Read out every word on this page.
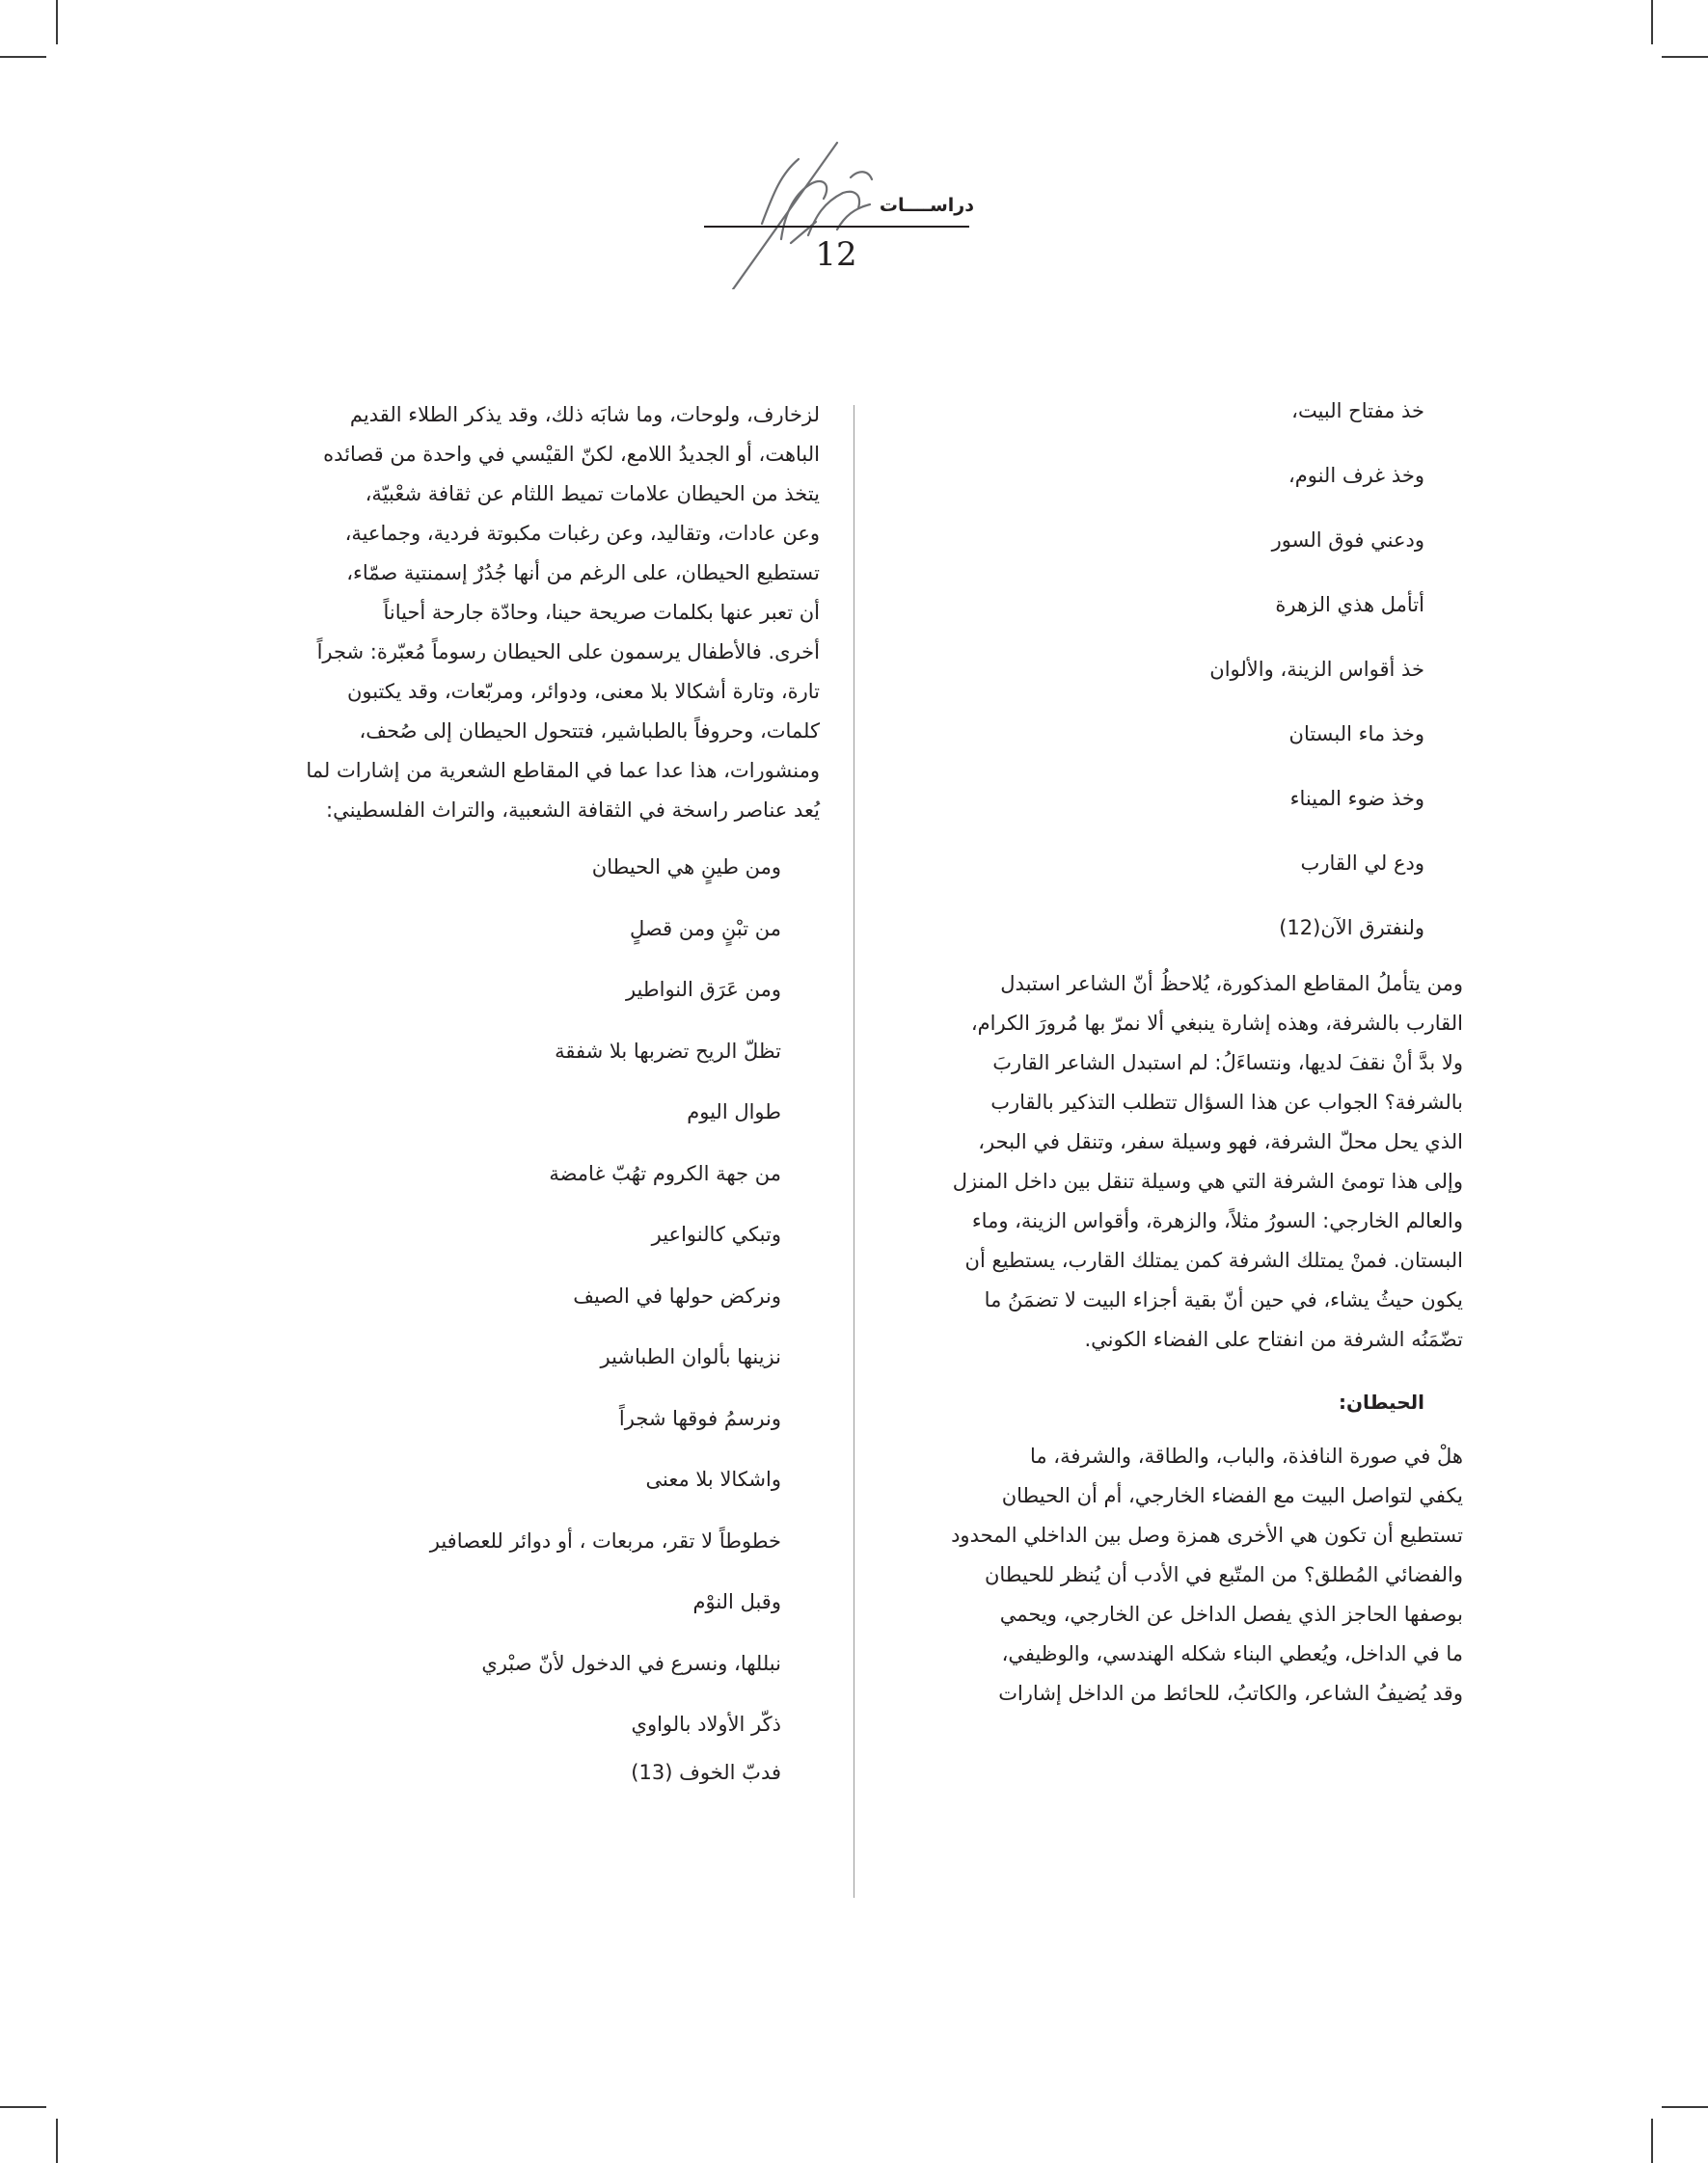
دراســــات
12

خذ مفتاح البيت،

وخذ غرف النوم،

ودعني فوق السور

أتأمل هذي الزهرة

خذ أقواس الزينة، والألوان

وخذ ماء البستان

وخذ ضوء الميناء

ودع لي القارب

ولنفترق الآن(12)

ومن يتأملُ المقاطع المذكورة، يُلاحظُ أنّ الشاعر استبدل

القارب بالشرفة، وهذه إشارة ينبغي ألا نمرّ بها مُرورَ الكرام،

ولا بدَّ أنْ نقفَ لديها، ونتساءَلُ: لم استبدل الشاعر القاربَ

بالشرفة؟ الجواب عن هذا السؤال تتطلب التذكير بالقارب

الذي يحل محلّ الشرفة، فهو وسيلة سفر، وتنقل في البحر،

وإلى هذا تومئ الشرفة التي هي وسيلة تنقل بين داخل المنزل

والعالم الخارجي: السورُ مثلاً، والزهرة، وأقواس الزينة، وماء

البستان. فمنْ يمتلك الشرفة كمن يمتلك القارب، يستطيع أن

يكون حيثُ يشاء، في حين أنّ بقية أجزاء البيت لا تضمَنُ ما

تضّمَنُه الشرفة من انفتاح على الفضاء الكوني.

الحيطان:

هلْ في صورة النافذة، والباب، والطاقة، والشرفة، ما

يكفي لتواصل البيت مع الفضاء الخارجي، أم أن الحيطان

تستطيع أن تكون هي الأخرى همزة وصل بين الداخلي المحدود

والفضائي المُطلق؟ من المتّبع في الأدب أن يُنظر للحيطان

بوصفها الحاجز الذي يفصل الداخل عن الخارجي، ويحمي

ما في الداخل، ويُعطي البناء شكله الهندسي، والوظيفي،

وقد يُضيفُ الشاعر، والكاتبُ، للحائط من الداخل إشارات

لزخارف، ولوحات، وما شابَه ذلك، وقد يذكر الطلاء القديم

الباهت، أو الجديدُ اللامع، لكنّ القيْسي في واحدة من قصائده

يتخذ من الحيطان علامات تميط اللثام عن ثقافة شعْبيّة،

وعن عادات، وتقاليد، وعن رغبات مكبوتة فردية، وجماعية،

تستطيع الحيطان، على الرغم من أنها جُدُرٌ إسمنتية صمّاء،

أن تعبر عنها بكلمات صريحة حينا، وحادّة جارحة أحياناً

أخرى. فالأطفال يرسمون على الحيطان رسوماً مُعبّرة: شجراً

تارة، وتارة أشكالا بلا معنى، ودوائر، ومربّعات، وقد يكتبون

كلمات، وحروفاً بالطباشير، فتتحول الحيطان إلى صُحف،

ومنشورات، هذا عدا عما في المقاطع الشعرية من إشارات لما

يُعد عناصر راسخة في الثقافة الشعبية، والتراث الفلسطيني:

ومن طينٍ هي الحيطان

من تبْنٍ ومن قصلٍ

ومن عَرَق النواطير

تظلّ الريح تضربها بلا شفقة

طوال اليوم

من جهة الكروم تهُبّ غامضة

وتبكي كالنواعير

ونركض حولها في الصيف

نزينها بألوان الطباشير

ونرسمُ فوقها شجراً

واشكالا بلا معنى

خطوطاً لا تقر، مربعات ، أو دوائر للعصافير

وقبل النوْم

نبللها، ونسرع في الدخول لأنّ صبْري

ذكّر الأولاد بالواوي

فدبّ الخوف (13)
